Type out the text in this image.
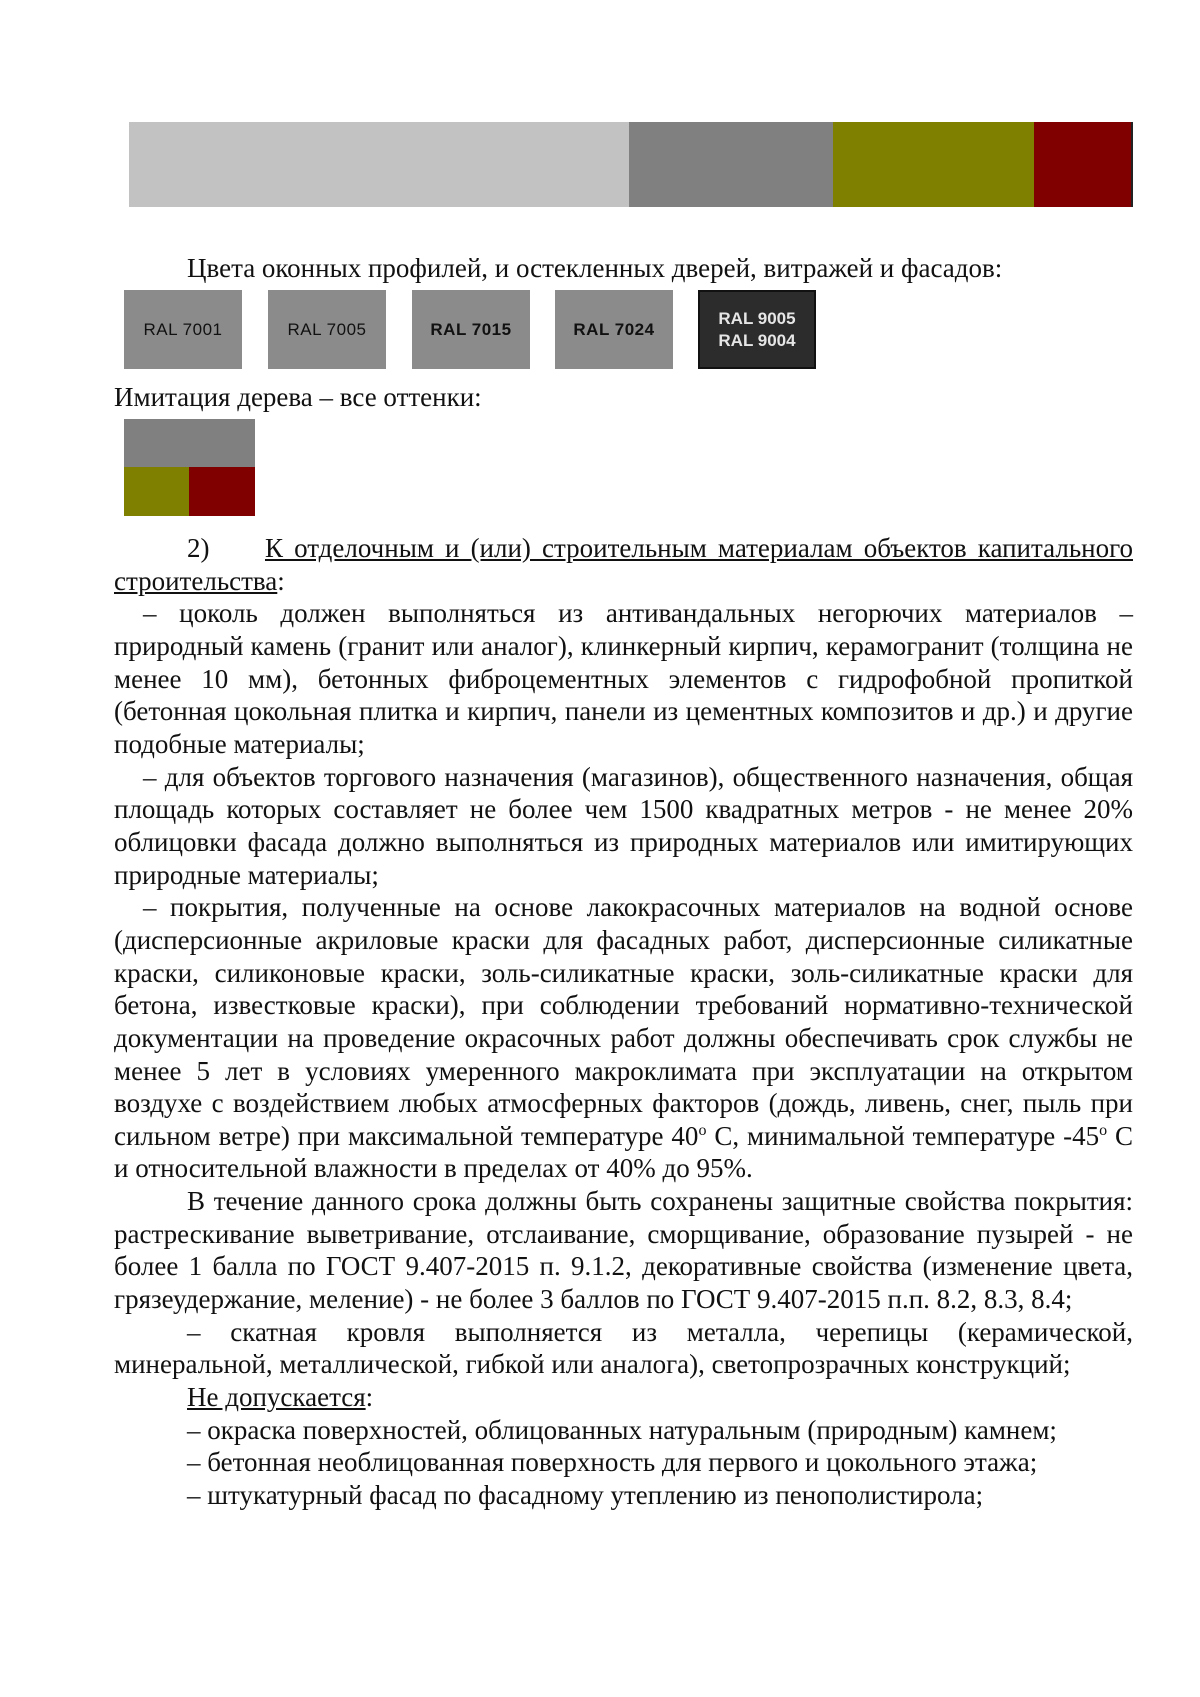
Цвета оконных профилей, и остекленных дверей, витражей и фасадов:
RAL 7001	RAL 7005	RAL 7015	RAL 7024
RAL 9005
RAL 9004
Имитация дерева – все оттенки:

2) К отделочным и (или) строительным материалам объектов капитального строительства:

– цоколь должен выполняться из антивандальных негорючих материалов – природный камень (гранит или аналог), клинкерный кирпич, керамогранит (толщина не менее 10 мм), бетонных фиброцементных элементов с гидрофобной пропиткой (бетонная цокольная плитка и кирпич, панели из цементных композитов и др.) и другие подобные материалы;

– для объектов торгового назначения (магазинов), общественного назначения, общая площадь которых составляет не более чем 1500 квадратных метров - не менее 20% облицовки фасада должно выполняться из природных материалов или имитирующих природные материалы;

– покрытия, полученные на основе лакокрасочных материалов на водной основе (дисперсионные акриловые краски для фасадных работ, дисперсионные силикатные краски, силиконовые краски, золь-силикатные краски, золь-силикатные краски для бетона, известковые краски), при соблюдении требований нормативно-технической документации на проведение окрасочных работ должны обеспечивать срок службы не менее 5 лет в условиях умеренного макроклимата при эксплуатации на открытом воздухе с воздействием любых атмосферных факторов (дождь, ливень, снег, пыль при сильном ветре) при максимальной температуре 40$^o$ С, минимальной температуре -45$^o$ С и относительной влажности в пределах от 40% до 95%.

В течение данного срока должны быть сохранены защитные свойства покрытия: растрескивание выветривание, отслаивание, сморщивание, образование пузырей - не более 1 балла по ГОСТ 9.407-2015 п. 9.1.2, декоративные свойства (изменение цвета, грязеудержание, меление) - не более 3 баллов по ГОСТ 9.407-2015 п.п. 8.2, 8.3, 8.4;

– скатная кровля выполняется из металла, черепицы (керамической, минеральной, металлической, гибкой или аналога), светопрозрачных конструкций;

Не допускается:

– окраска поверхностей, облицованных натуральным (природным) камнем;

– бетонная необлицованная поверхность для первого и цокольного этажа;

– штукатурный фасад по фасадному утеплению из пенополистирола;
